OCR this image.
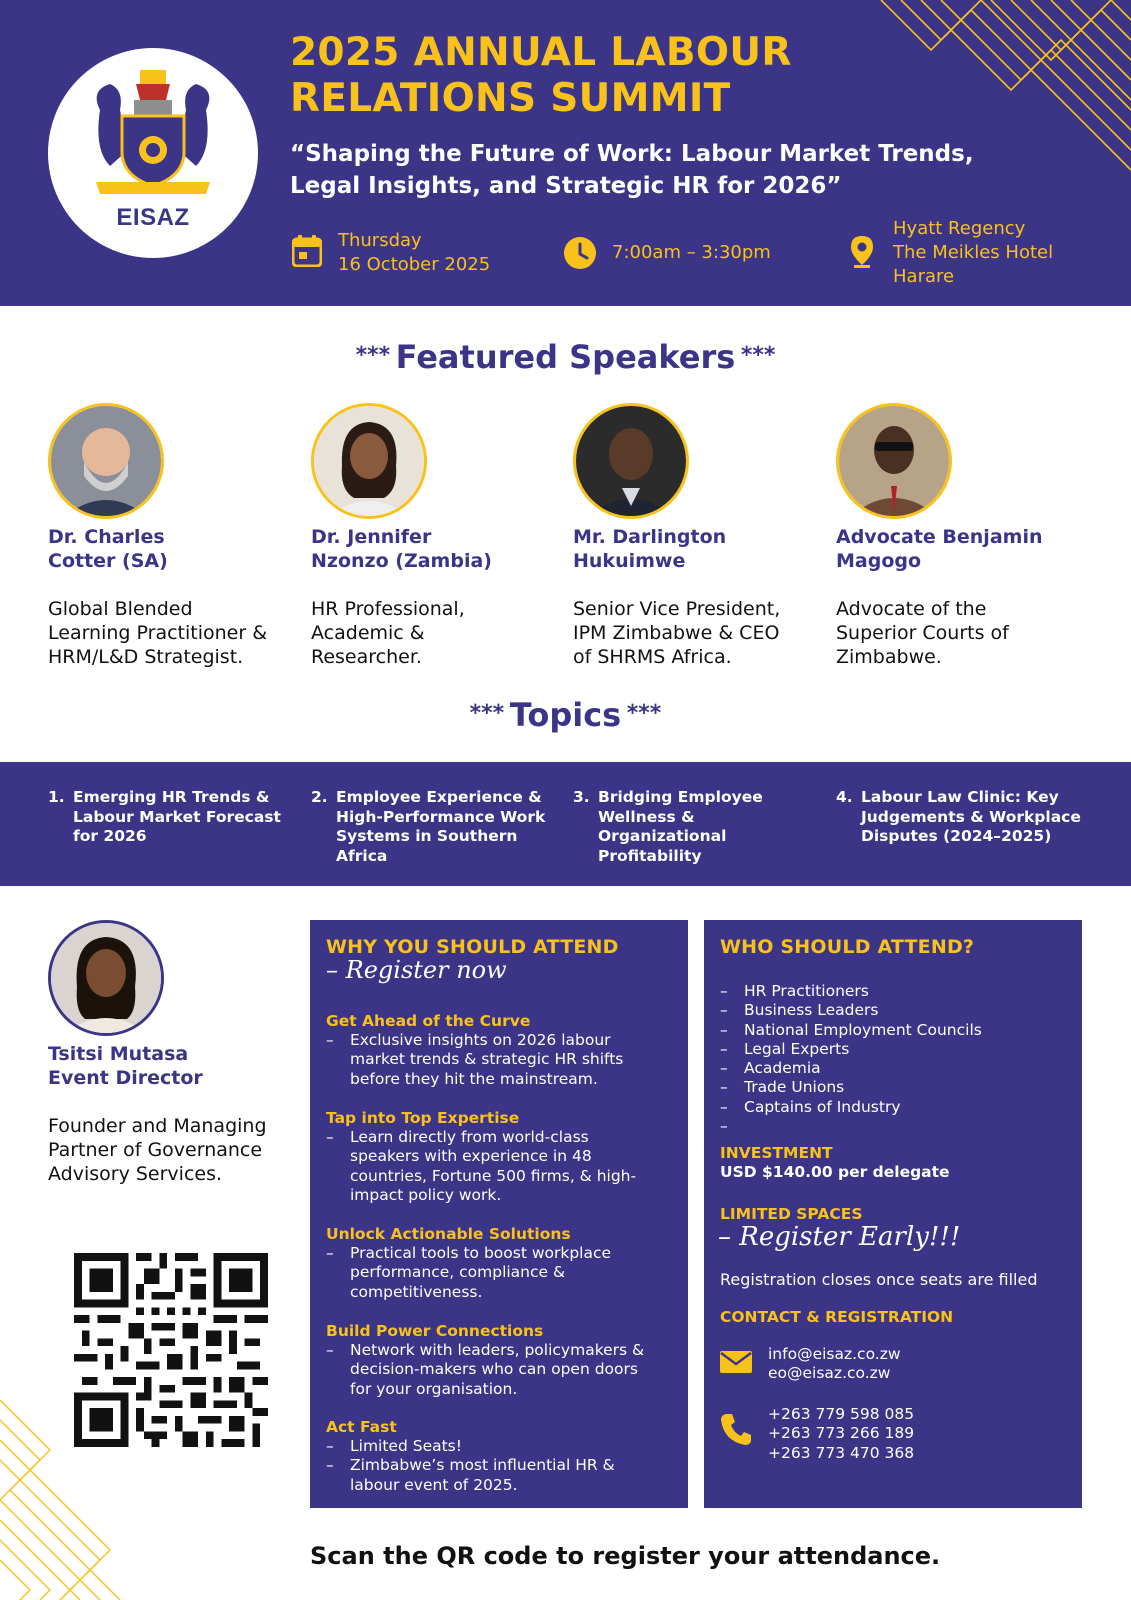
EISAZ
2025 ANNUAL LABOUR
RELATIONS SUMMIT
“Shaping the Future of Work: Labour Market Trends,
Legal Insights, and Strategic HR for 2026”
Thursday
16 October 2025
7:00am – 3:30pm
Hyatt Regency
The Meikles Hotel
Harare
*** Featured Speakers ***
Dr. Charles
Cotter (SA)
Global Blended
Learning Practitioner &
HRM/L&D Strategist.
Dr. Jennifer
Nzonzo (Zambia)
HR Professional,
Academic &
Researcher.
Mr. Darlington
Hukuimwe
Senior Vice President,
IPM Zimbabwe & CEO
of SHRMS Africa.
Advocate Benjamin
Magogo
Advocate of the
Superior Courts of
Zimbabwe.
*** Topics ***
1. Emerging HR Trends &
Labour Market Forecast
for 2026
2. Employee Experience &
High-Performance Work
Systems in Southern
Africa
3. Bridging Employee
Wellness & Organizational
Profitability
4. Labour Law Clinic: Key
Judgements & Workplace
Disputes (2024–2025)
Tsitsi Mutasa
Event Director
Founder and Managing
Partner of Governance
Advisory Services.
WHY YOU SHOULD ATTEND
– Register now
Get Ahead of the Curve
– Exclusive insights on 2026 labour
market trends & strategic HR shifts
before they hit the mainstream.
Tap into Top Expertise
– Learn directly from world-class
speakers with experience in 48
countries, Fortune 500 firms, & high-
impact policy work.
Unlock Actionable Solutions
– Practical tools to boost workplace
performance, compliance &
competitiveness.
Build Power Connections
– Network with leaders, policymakers &
decision-makers who can open doors
for your organisation.
Act Fast
– Limited Seats!
– Zimbabwe’s most influential HR &
labour event of 2025.
WHO SHOULD ATTEND?
– HR Practitioners
– Business Leaders
– National Employment Councils
– Legal Experts
– Academia
– Trade Unions
– Captains of Industry
–
INVESTMENT
USD $140.00 per delegate
LIMITED SPACES
– Register Early!!!
Registration closes once seats are filled
CONTACT & REGISTRATION
info@eisaz.co.zw
eo@eisaz.co.zw
+263 779 598 085
+263 773 266 189
+263 773 470 368
Scan the QR code to register your attendance.
